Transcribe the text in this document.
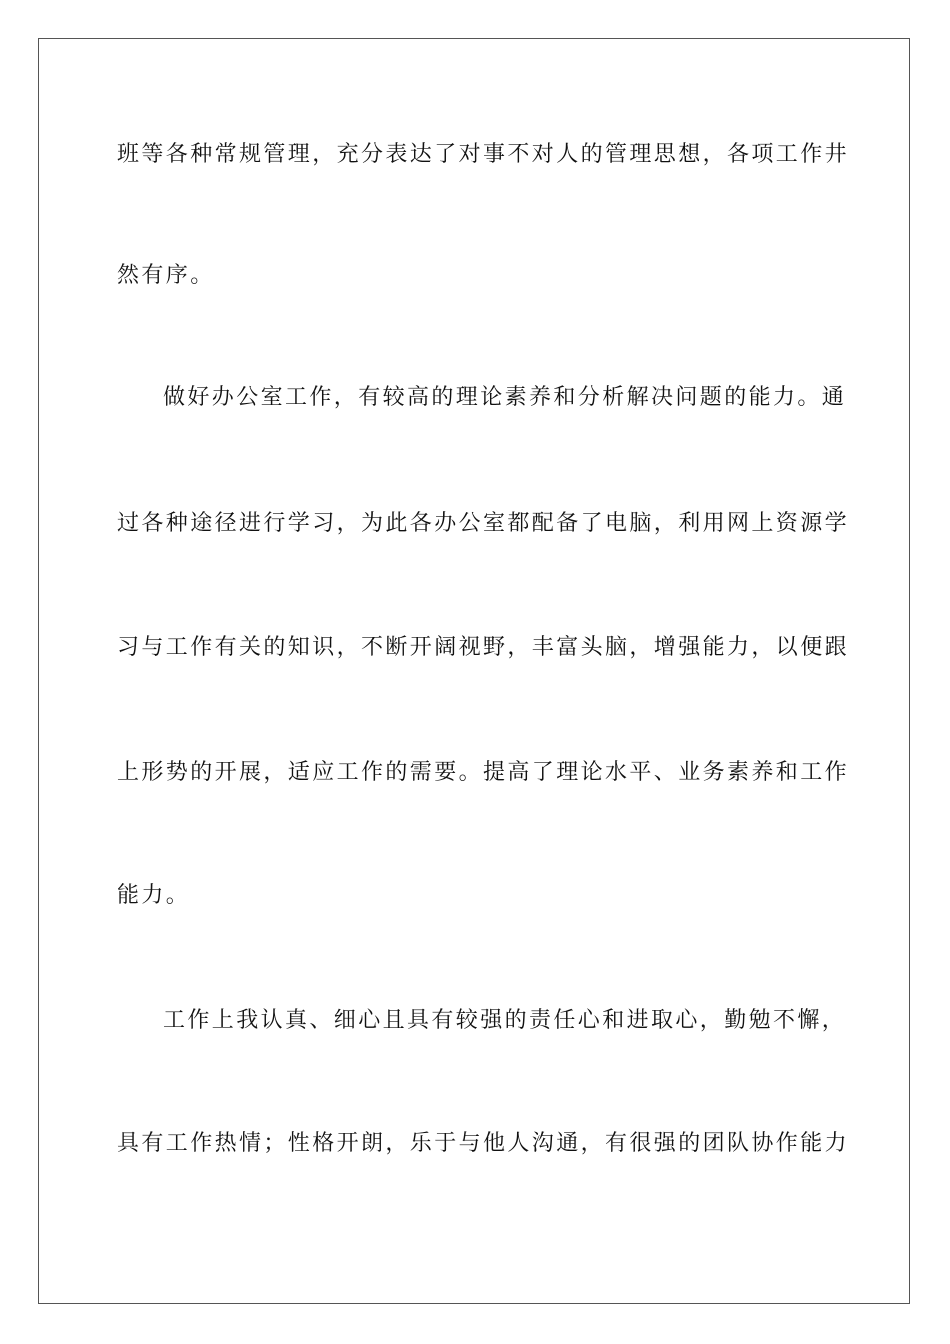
班等各种常规管理，充分表达了对事不对人的管理思想，各项工作井
然有序。
做好办公室工作，有较高的理论素养和分析解决问题的能力。通
过各种途径进行学习，为此各办公室都配备了电脑，利用网上资源学
习与工作有关的知识，不断开阔视野，丰富头脑，增强能力，以便跟
上形势的开展，适应工作的需要。提高了理论水平、业务素养和工作
能力。
工作上我认真、细心且具有较强的责任心和进取心，勤勉不懈，
具有工作热情；性格开朗，乐于与他人沟通，有很强的团队协作能力
